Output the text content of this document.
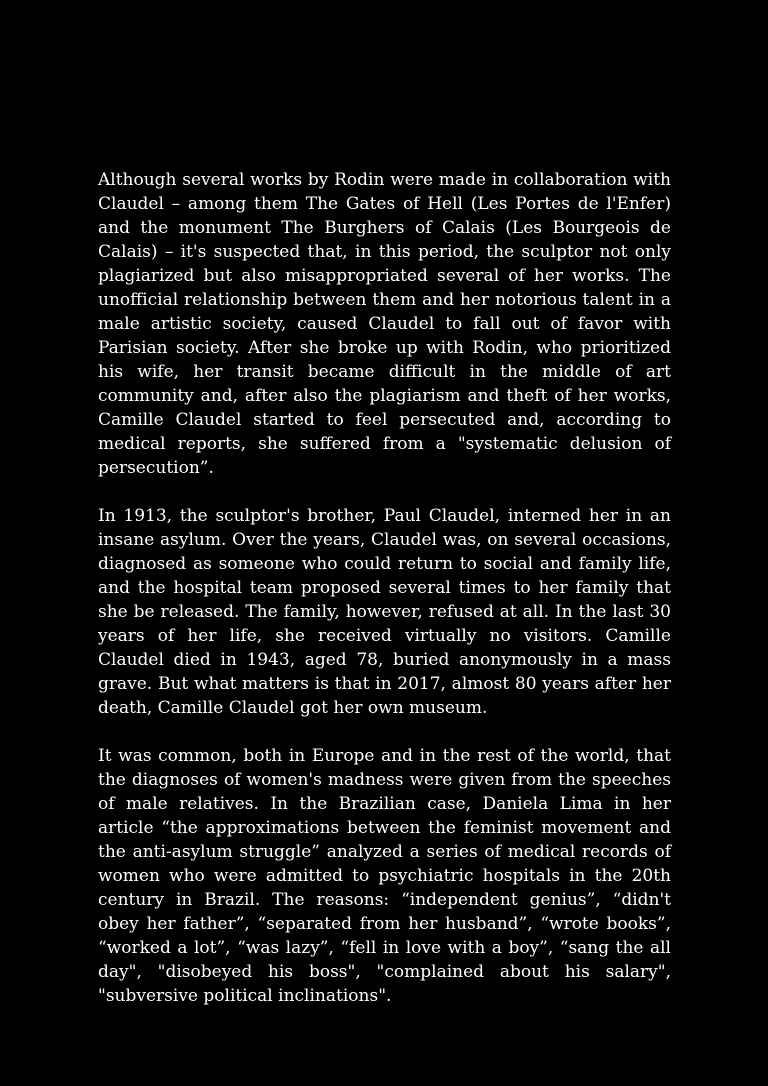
Although several works by Rodin were made in collaboration with Claudel – among them The Gates of Hell (Les Portes de l'Enfer) and the monument The Burghers of Calais (Les Bourgeois de Calais) – it's suspected that, in this period, the sculptor not only plagiarized but also misappropriated several of her works. The unofficial relationship between them and her notorious talent in a male artistic society, caused Claudel to fall out of favor with Parisian society. After she broke up with Rodin, who prioritized his wife, her transit became difficult in the middle of art community and, after also the plagiarism and theft of her works, Camille Claudel started to feel persecuted and, according to medical reports, she suffered from a "systematic delusion of persecution”.

In 1913, the sculptor's brother, Paul Claudel, interned her in an insane asylum. Over the years, Claudel was, on several occasions, diagnosed as someone who could return to social and family life, and the hospital team proposed several times to her family that she be released. The family, however, refused at all. In the last 30 years of her life, she received virtually no visitors. Camille Claudel died in 1943, aged 78, buried anonymously in a mass grave. But what matters is that in 2017, almost 80 years after her death, Camille Claudel got her own museum.

It was common, both in Europe and in the rest of the world, that the diagnoses of women's madness were given from the speeches of male relatives. In the Brazilian case, Daniela Lima in her article “the approximations between the feminist movement and the anti-asylum struggle” analyzed a series of medical records of women who were admitted to psychiatric hospitals in the 20th century in Brazil. The reasons: “independent genius”, “didn't obey her father”, “separated from her husband”, “wrote books”, “worked a lot”, “was lazy”, “fell in love with a boy”, “sang the all day", "disobeyed his boss", "complained about his salary", "subversive political inclinations".
